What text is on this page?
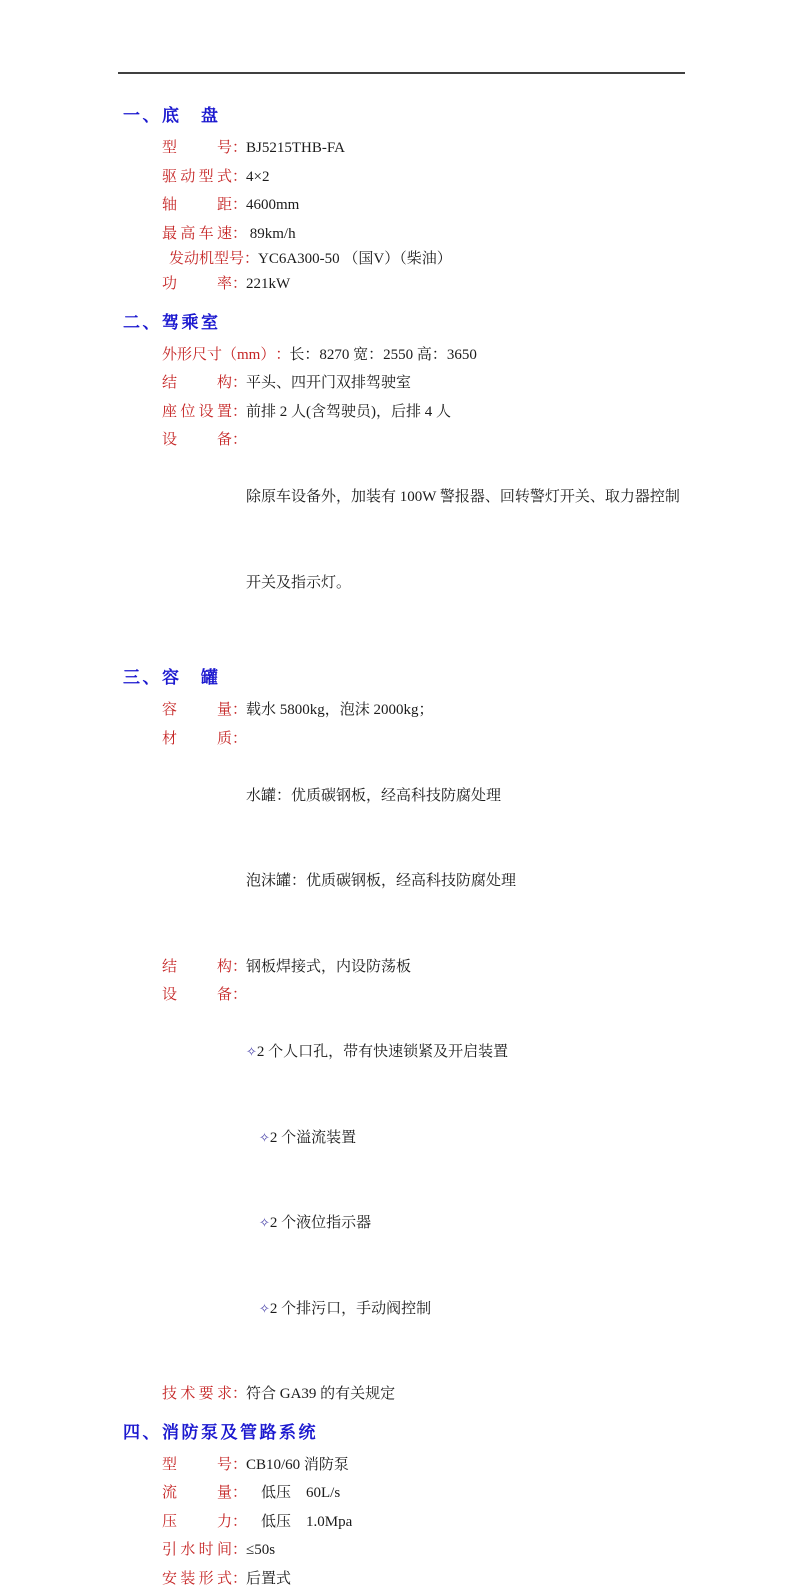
一、底　盘
型号 ：
BJ5215THB-FA
驱动型式 ：
4×2
轴距 ：
4600mm
最高车速 ：
89km/h
发动机型号 ：
YC6A300-50 （国V）（柴油）
功率 ：
221kW
二、驾乘室
外形尺寸（mm） ：
长：8270 宽：2550 高：3650
结构 ：
平头、四开门双排驾驶室
座位设置 ：
前排 2 人(含驾驶员)，后排 4 人
设备 ：

除原车设备外，加装有 100W 警报器、回转警灯开关、取力器控制

开关及指示灯。

三、容　罐
容量 ：
载水 5800kg，泡沫 2000kg；
材质 ：

水罐：优质碳钢板，经高科技防腐处理

泡沫罐：优质碳钢板，经高科技防腐处理

结构 ：
钢板焊接式，内设防荡板
设备 ：

✧2 个人口孔，带有快速锁紧及开启装置

✧2 个溢流装置

✧2 个液位指示器

✧2 个排污口，手动阀控制

技术要求 ：
符合 GA39 的有关规定
四、消防泵及管路系统
型号 ：
CB10/60 消防泵
流量 ：
　低压　60L/s
压力 ：
　低压　1.0Mpa
引水时间 ：
≤50s
安装形式 ：
后置式
